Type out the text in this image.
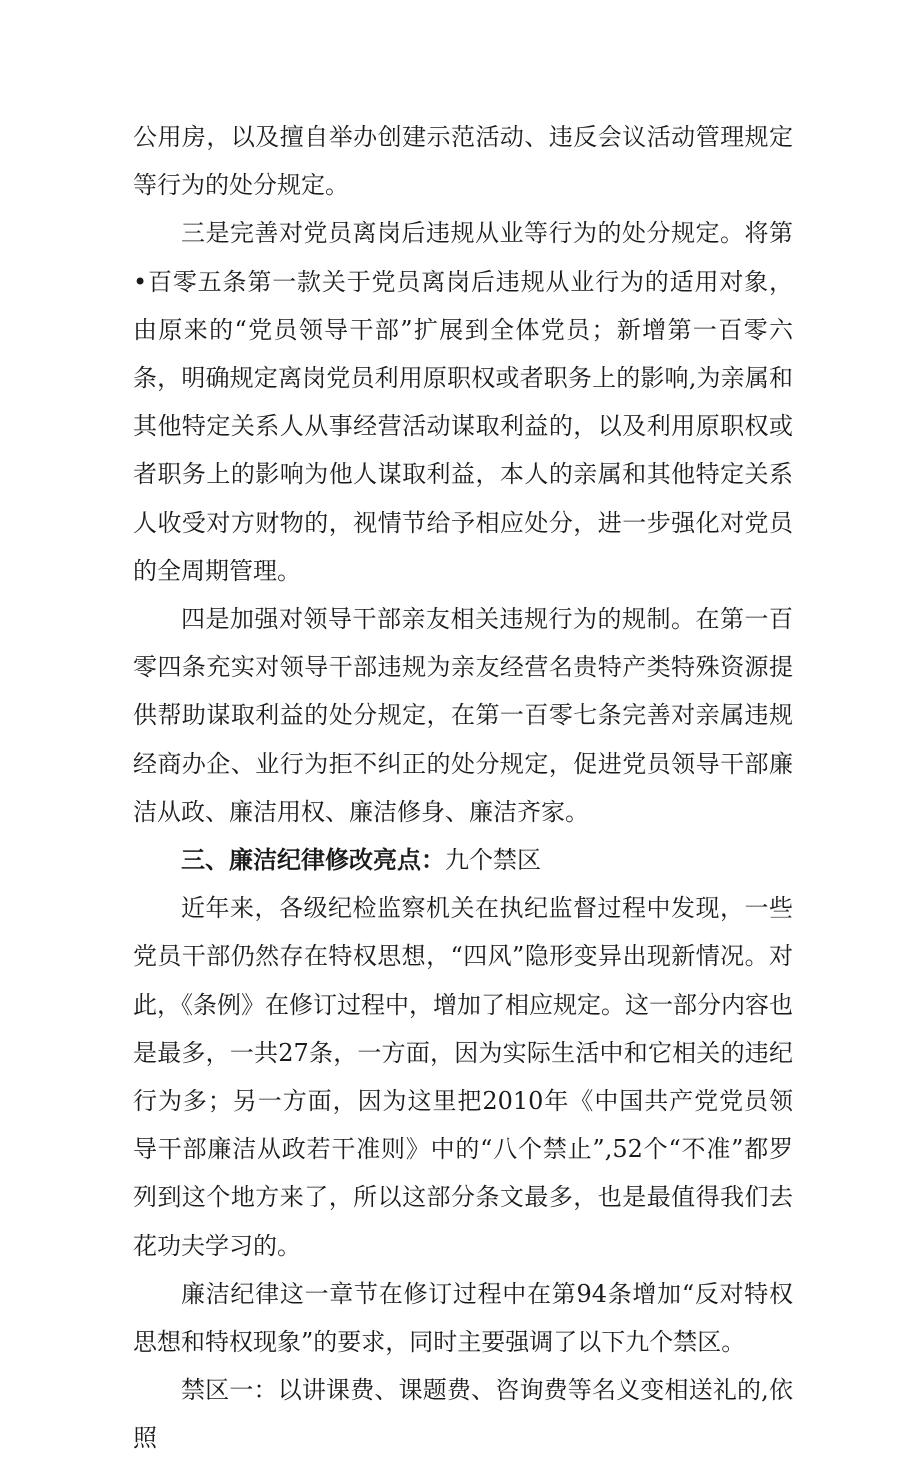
公用房，以及擅自举办创建示范活动、违反会议活动管理规定等行为的处分规定。

三是完善对党员离岗后违规从业等行为的处分规定。将第•百零五条第一款关于党员离岗后违规从业行为的适用对象，由原来的“党员领导干部”扩展到全体党员；新增第一百零六条，明确规定离岗党员利用原职权或者职务上的影响,为亲属和其他特定关系人从事经营活动谋取利益的，以及利用原职权或者职务上的影响为他人谋取利益，本人的亲属和其他特定关系人收受对方财物的，视情节给予相应处分，进一步强化对党员的全周期管理。

四是加强对领导干部亲友相关违规行为的规制。在第一百零四条充实对领导干部违规为亲友经营名贵特产类特殊资源提供帮助谋取利益的处分规定，在第一百零七条完善对亲属违规经商办企、业行为拒不纠正的处分规定，促进党员领导干部廉洁从政、廉洁用权、廉洁修身、廉洁齐家。

三、廉洁纪律修改亮点：九个禁区

近年来，各级纪检监察机关在执纪监督过程中发现，一些党员干部仍然存在特权思想，“四风”隐形变异出现新情况。对此，《条例》在修订过程中，增加了相应规定。这一部分内容也是最多，一共27条，一方面，因为实际生活中和它相关的违纪行为多；另一方面，因为这里把2010年《中国共产党党员领导干部廉洁从政若干准则》中的“八个禁止”,52个“不准”都罗列到这个地方来了，所以这部分条文最多，也是最值得我们去花功夫学习的。

廉洁纪律这一章节在修订过程中在第94条增加“反对特权思想和特权现象”的要求，同时主要强调了以下九个禁区。

禁区一：以讲课费、课题费、咨询费等名义变相送礼的,依照
